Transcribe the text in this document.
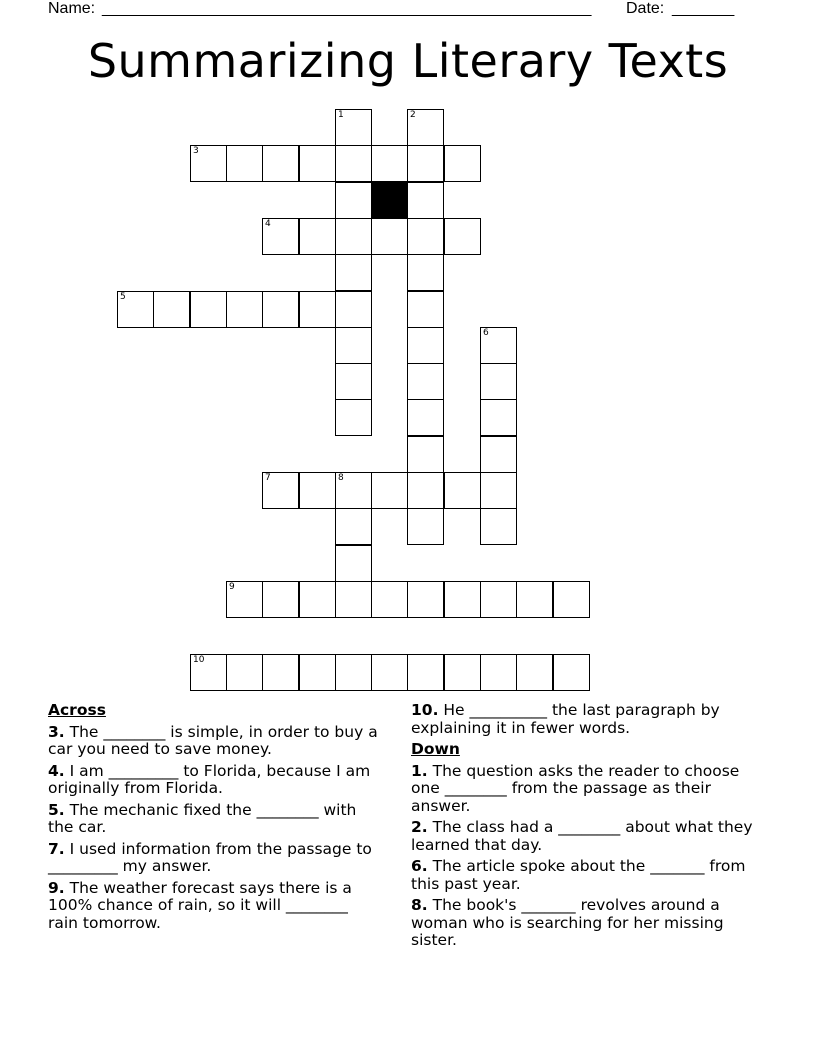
Name: _______________________________________________________ Date: _______
Summarizing Literary Texts
1	2
3
4
5
6
7	8
9
10
Across
3. The ________ is simple, in order to buy a car you need to save money.
4. I am _________ to Florida, because I am originally from Florida.
5. The mechanic fixed the ________ with the car.
7. I used information from the passage to _________ my answer.
9. The weather forecast says there is a 100% chance of rain, so it will ________ rain tomorrow.
10. He __________ the last paragraph by explaining it in fewer words.
Down
1. The question asks the reader to choose one ________ from the passage as their answer.
2. The class had a ________ about what they learned that day.
6. The article spoke about the _______ from this past year.
8. The book's _______ revolves around a woman who is searching for her missing sister.
